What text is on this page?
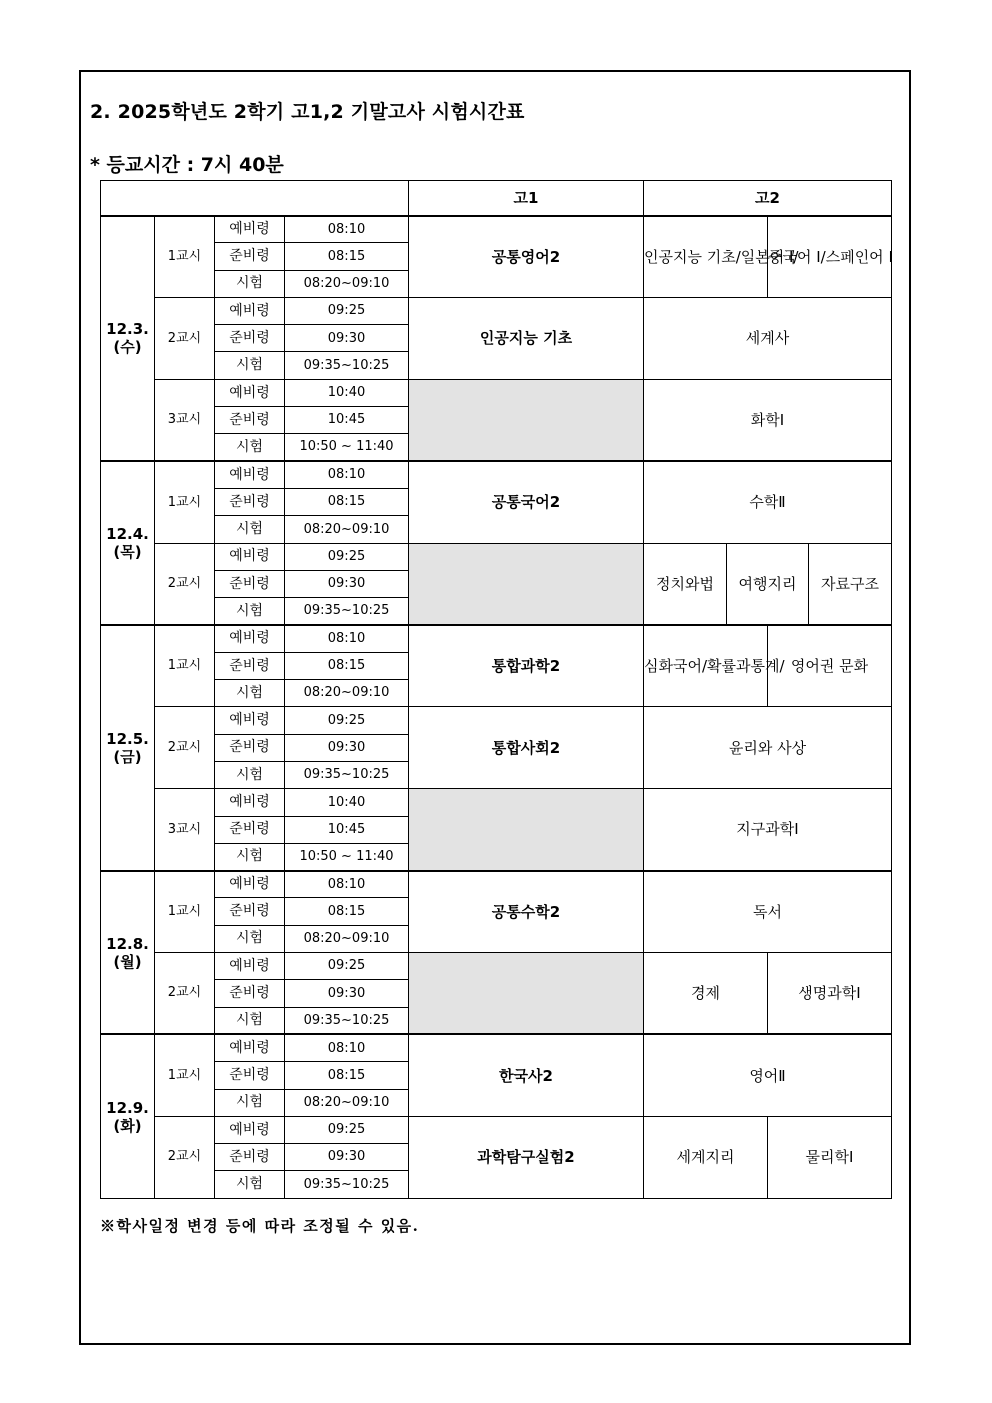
2. 2025학년도 2학기 고1,2 기말고사 시험시간표
* 등교시간 : 7시 40분
				고1	고2			

12.3.
(수)	1교시	예비령	08:10	공통영어2	인공지능 기초/일본어 Ⅰ/		중국어 Ⅰ/스페인어 Ⅰ	
		준비령	08:15					
		시험	08:20~09:10					
	2교시	예비령	09:25	인공지능 기초	세계사			
		준비령	09:30					
		시험	09:35~10:25					
	3교시	예비령	10:40		화학Ⅰ			
		준비령	10:45					
		시험	10:50 ~ 11:40					

12.4.
(목)	1교시	예비령	08:10	공통국어2	수학Ⅱ			
		준비령	08:15					
		시험	08:20~09:10					
	2교시	예비령	09:25		정치와법	여행지리		자료구조
		준비령	09:30					
		시험	09:35~10:25					

12.5.
(금)	1교시	예비령	08:10	통합과학2	심화국어/확률과통계/		영어권 문화	
		준비령	08:15					
		시험	08:20~09:10					
	2교시	예비령	09:25	통합사회2	윤리와 사상			
		준비령	09:30					
		시험	09:35~10:25					
	3교시	예비령	10:40		지구과학Ⅰ			
		준비령	10:45					
		시험	10:50 ~ 11:40					

12.8.
(월)	1교시	예비령	08:10	공통수학2	독서			
		준비령	08:15					
		시험	08:20~09:10					
	2교시	예비령	09:25		경제		생명과학Ⅰ	
		준비령	09:30					
		시험	09:35~10:25					

12.9.
(화)	1교시	예비령	08:10	한국사2	영어Ⅱ			
		준비령	08:15					
		시험	08:20~09:10					
	2교시	예비령	09:25	과학탐구실험2	세계지리		물리학Ⅰ	
		준비령	09:30					
		시험	09:35~10:25					
※학사일정 변경 등에 따라 조정될 수 있음.
